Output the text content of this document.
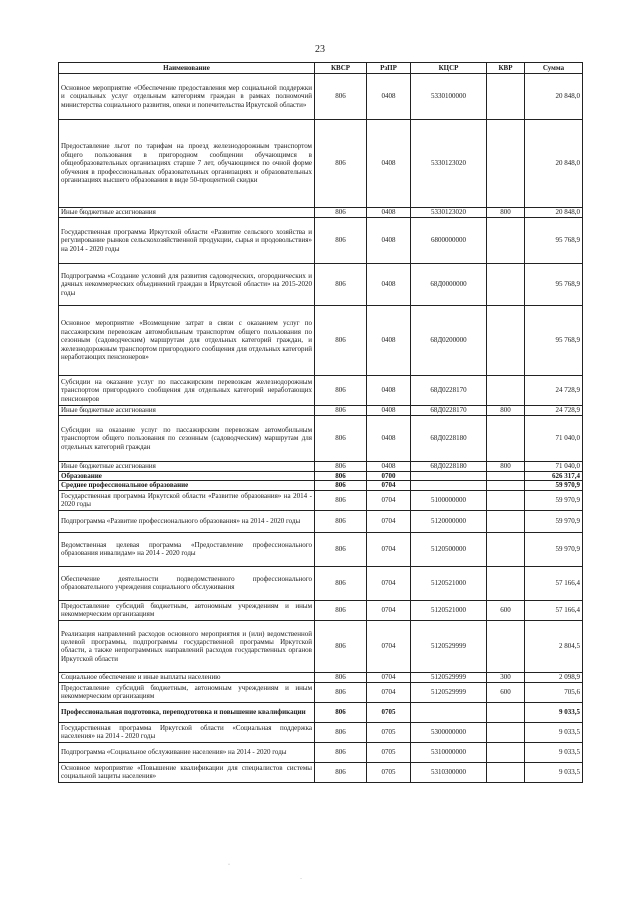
23
Наименование	КВСР	РзПР	КЦСР	КВР	Сумма
Основное мероприятие «Обеспечение предоставления мер социальной поддержки и социальных услуг отдельным категориям граждан в рамках полномочий министерства социального развития, опеки и попечительства Иркутской области»	806	0408	5330100000		20 848,0
Предоставление льгот по тарифам на проезд железнодорожным транспортом общего пользования в пригородном сообщении обучающимся в общеобразовательных организациях старше 7 лет, обучающимся по очной форме обучения в профессиональных образовательных организациях и образовательных организациях высшего образования в виде 50-процентной скидки	806	0408	5330123020		20 848,0
Иные бюджетные ассигнования	806	0408	5330123020	800	20 848,0
Государственная программа Иркутской области «Развитие сельского хозяйства и регулирование рынков сельскохозяйственной продукции, сырья и продовольствия» на 2014 - 2020 годы	806	0408	6800000000		95 768,9
Подпрограмма «Создание условий для развития садоводческих, огороднических и дачных некоммерческих объединений граждан в Иркутской области» на 2015-2020 годы	806	0408	68Д0000000		95 768,9
Основное мероприятие «Возмещение затрат в связи с оказанием услуг по пассажирским перевозкам автомобильным транспортом общего пользования по сезонным (садоводческим) маршрутам для отдельных категорий граждан, и железнодорожным транспортом пригородного сообщения для отдельных категорий неработающих пенсионеров»	806	0408	68Д0200000		95 768,9
Субсидии на оказание услуг по пассажирским перевозкам железнодорожным транспортом пригородного сообщения для отдельных категорий неработающих пенсионеров	806	0408	68Д0228170		24 728,9
Иные бюджетные ассигнования	806	0408	68Д0228170	800	24 728,9
Субсидии на оказание услуг по пассажирским перевозкам автомобильным транспортом общего пользования по сезонным (садоводческим) маршрутам для отдельных категорий граждан	806	0408	68Д0228180		71 040,0
Иные бюджетные ассигнования	806	0408	68Д0228180	800	71 040,0
Образование	806	0700			626 317,4
Среднее профессиональное образование	806	0704			59 970,9
Государственная программа Иркутской области «Развитие образования» на 2014 - 2020 годы	806	0704	5100000000		59 970,9
Подпрограмма «Развитие профессионального образования» на 2014 - 2020 годы	806	0704	5120000000		59 970,9
Ведомственная целевая программа «Предоставление профессионального образования инвалидам» на 2014 - 2020 годы	806	0704	5120500000		59 970,9
Обеспечение деятельности подведомственного профессионального образовательного учреждения социального обслуживания	806	0704	5120521000		57 166,4
Предоставление субсидий бюджетным, автономным учреждениям и иным некоммерческим организациям	806	0704	5120521000	600	57 166,4
Реализация направлений расходов основного мероприятия и (или) ведомственной целевой программы, подпрограммы государственной программы Иркутской области, а также непрограммных направлений расходов государственных органов Иркутской области	806	0704	5120529999		2 804,5
Социальное обеспечение и иные выплаты населению	806	0704	5120529999	300	2 098,9
Предоставление субсидий бюджетным, автономным учреждениям и иным некоммерческим организациям	806	0704	5120529999	600	705,6
Профессиональная подготовка, переподготовка и повышение квалификации	806	0705			9 033,5
Государственная программа Иркутской области «Социальная поддержка населения» на 2014 - 2020 годы	806	0705	5300000000		9 033,5
Подпрограмма «Социальное обслуживание населения» на 2014 - 2020 годы	806	0705	5310000000		9 033,5
Основное мероприятие «Повышение квалификации для специалистов системы социальной защиты населения»	806	0705	5310300000		9 033,5
·
˙
